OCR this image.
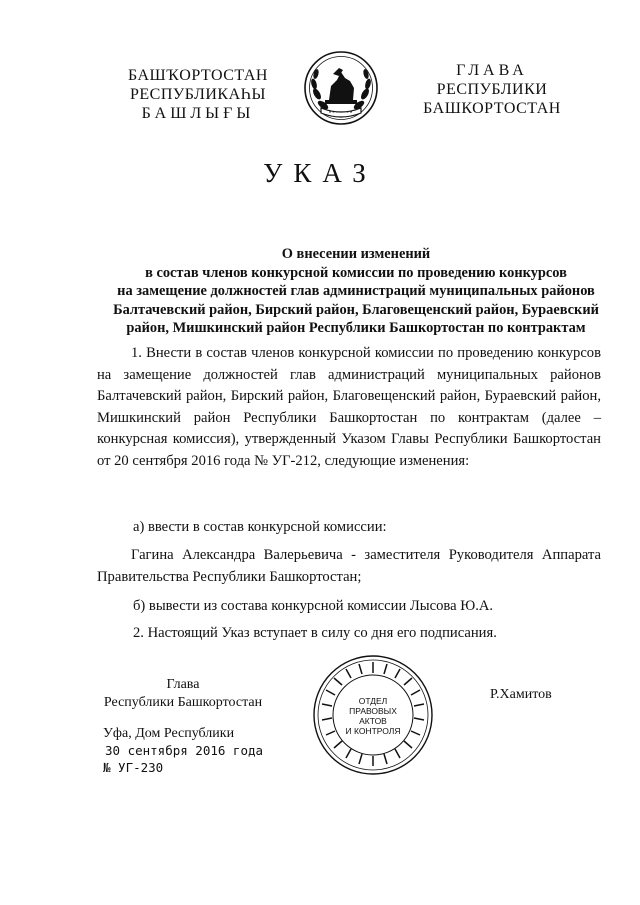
БАШҠОРТОСТАН
РЕСПУБЛИКАҺЫ
БАШЛЫҒЫ
ГЛАВА
РЕСПУБЛИКИ
БАШКОРТОСТАН
УКАЗ
О внесении изменений
в состав членов конкурсной комиссии по проведению конкурсов
на замещение должностей глав администраций муниципальных районов
Балтачевский район, Бирский район, Благовещенский район, Бураевский
район, Мишкинский район Республики Башкортостан по контрактам
1. Внести в состав членов конкурсной комиссии по проведению конкурсов на замещение должностей глав администраций муниципальных районов Балтачевский район, Бирский район, Благовещенский район, Бураевский район, Мишкинский район Республики Башкортостан по контрактам (далее – конкурсная комиссия), утвержденный Указом Главы Республики Башкортостан от 20 сентября 2016 года № УГ-212, следующие изменения:
а) ввести в состав конкурсной комиссии:
Гагина Александра Валерьевича - заместителя Руководителя Аппарата Правительства Республики Башкортостан;
б) вывести из состава конкурсной комиссии Лысова Ю.А.
2. Настоящий Указ вступает в силу со дня его подписания.
Глава
Республики Башкортостан
Р.Хамитов
Уфа, Дом Республики
30 сентября 2016 года
№ УГ-230
ОТДЕЛ
ПРАВОВЫХ АКТОВ
И КОНТРОЛЯ
